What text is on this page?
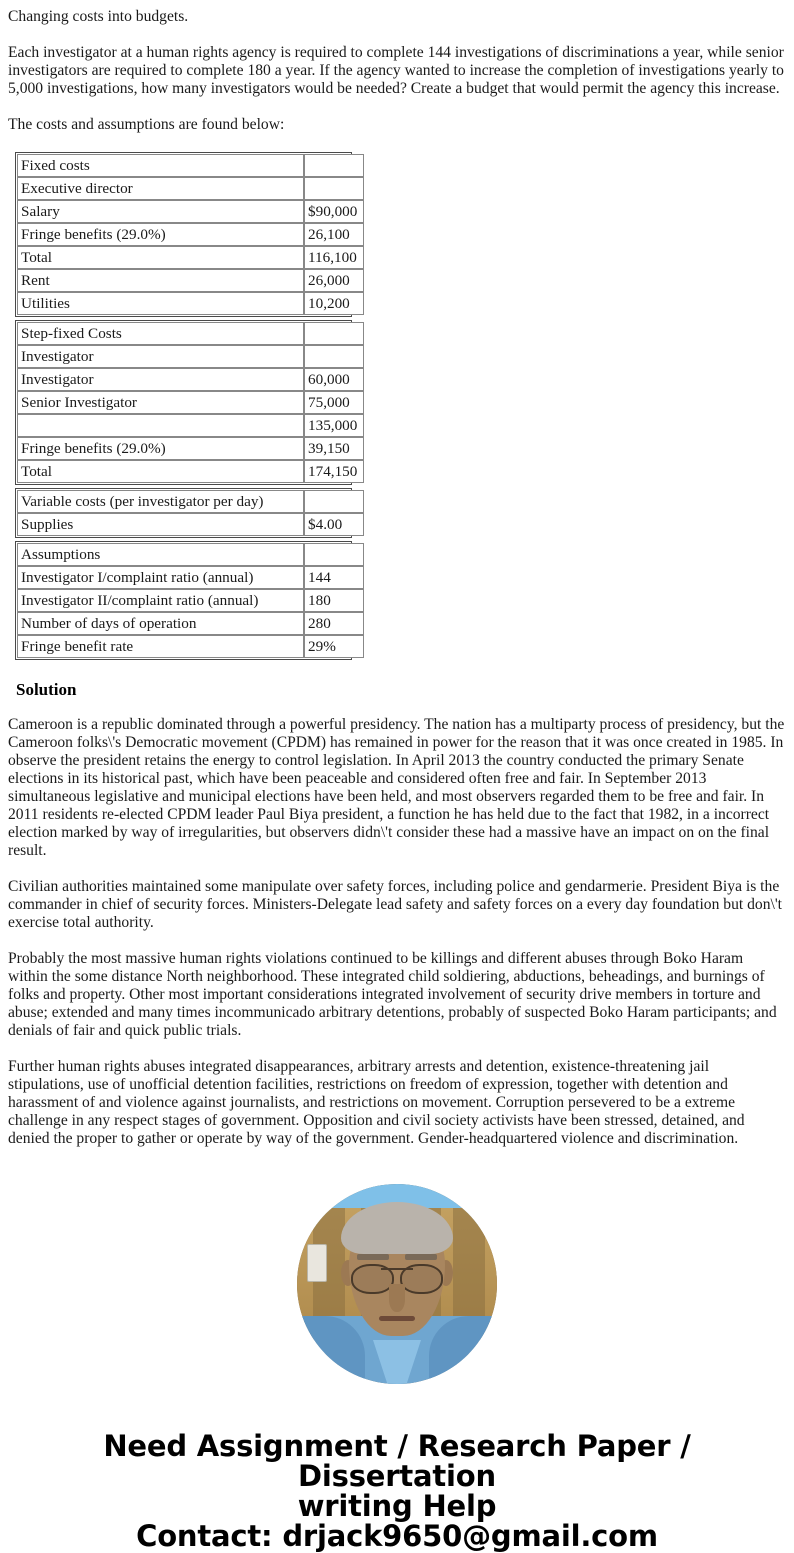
Changing costs into budgets.

Each investigator at a human rights agency is required to complete 144 investigations of discriminations a year, while senior investigators are required to complete 180 a year. If the agency wanted to increase the completion of investigations yearly to 5,000 investigations, how many investigators would be needed? Create a budget that would permit the agency this increase.

The costs and assumptions are found below:

Fixed costs	
Executive director	
Salary	$90,000
Fringe benefits (29.0%)	26,100
Total	116,100
Rent	26,000
Utilities	10,200
Step-fixed Costs	
Investigator	
Investigator	60,000
Senior Investigator	75,000
	135,000
Fringe benefits (29.0%)	39,150
Total	174,150
Variable costs (per investigator per day)	
Supplies	$4.00
Assumptions	
Investigator I/complaint ratio (annual)	144
Investigator II/complaint ratio (annual)	180
Number of days of operation	280
Fringe benefit rate	29%
Solution

Cameroon is a republic dominated through a powerful presidency. The nation has a multiparty process of presidency, but the Cameroon folks\'s Democratic movement (CPDM) has remained in power for the reason that it was once created in 1985. In observe the president retains the energy to control legislation. In April 2013 the country conducted the primary Senate elections in its historical past, which have been peaceable and considered often free and fair. In September 2013 simultaneous legislative and municipal elections have been held, and most observers regarded them to be free and fair. In 2011 residents re-elected CPDM leader Paul Biya president, a function he has held due to the fact that 1982, in a incorrect election marked by way of irregularities, but observers didn\'t consider these had a massive have an impact on on the final result.

Civilian authorities maintained some manipulate over safety forces, including police and gendarmerie. President Biya is the commander in chief of security forces. Ministers-Delegate lead safety and safety forces on a every day foundation but don\'t exercise total authority.

Probably the most massive human rights violations continued to be killings and different abuses through Boko Haram within the some distance North neighborhood. These integrated child soldiering, abductions, beheadings, and burnings of folks and property. Other most important considerations integrated involvement of security drive members in torture and abuse; extended and many times incommunicado arbitrary detentions, probably of suspected Boko Haram participants; and denials of fair and quick public trials.

Further human rights abuses integrated disappearances, arbitrary arrests and detention, existence-threatening jail stipulations, use of unofficial detention facilities, restrictions on freedom of expression, together with detention and harassment of and violence against journalists, and restrictions on movement. Corruption persevered to be a extreme challenge in any respect stages of government. Opposition and civil society activists have been stressed, detained, and denied the proper to gather or operate by way of the government. Gender-headquartered violence and discrimination.

Need Assignment / Research Paper / Dissertation
writing Help
Contact: drjack9650@gmail.com
